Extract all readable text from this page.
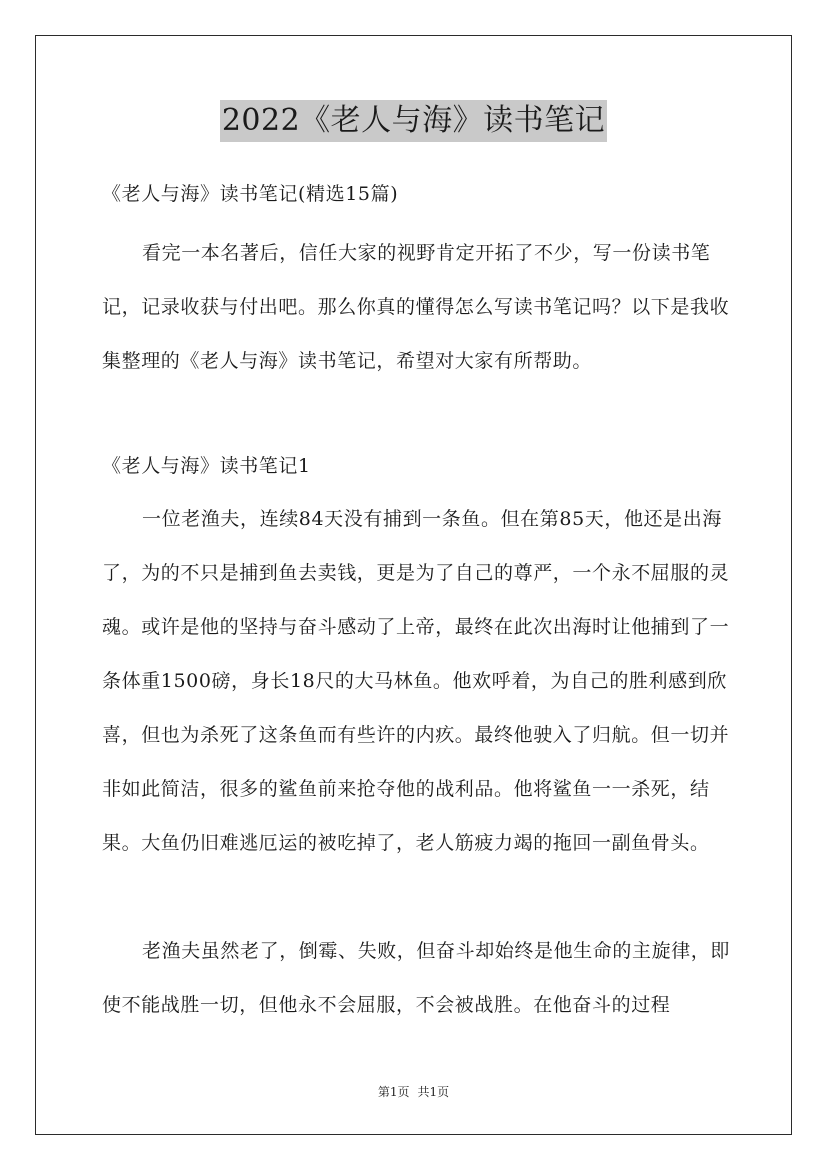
2022《老人与海》读书笔记

《老人与海》读书笔记(精选15篇)

看完一本名著后，信任大家的视野肯定开拓了不少，写一份读书笔记，记录收获与付出吧。那么你真的懂得怎么写读书笔记吗？以下是我收集整理的《老人与海》读书笔记，希望对大家有所帮助。

《老人与海》读书笔记1

一位老渔夫，连续84天没有捕到一条鱼。但在第85天，他还是出海了，为的不只是捕到鱼去卖钱，更是为了自己的尊严，一个永不屈服的灵魂。或许是他的坚持与奋斗感动了上帝，最终在此次出海时让他捕到了一条体重1500磅，身长18尺的大马林鱼。他欢呼着，为自己的胜利感到欣喜，但也为杀死了这条鱼而有些许的内疚。最终他驶入了归航。但一切并非如此简洁，很多的鲨鱼前来抢夺他的战利品。他将鲨鱼一一杀死，结果。大鱼仍旧难逃厄运的被吃掉了，老人筋疲力竭的拖回一副鱼骨头。

老渔夫虽然老了，倒霉、失败，但奋斗却始终是他生命的主旋律，即使不能战胜一切，但他永不会屈服，不会被战胜。在他奋斗的过程

第1页 共1页
